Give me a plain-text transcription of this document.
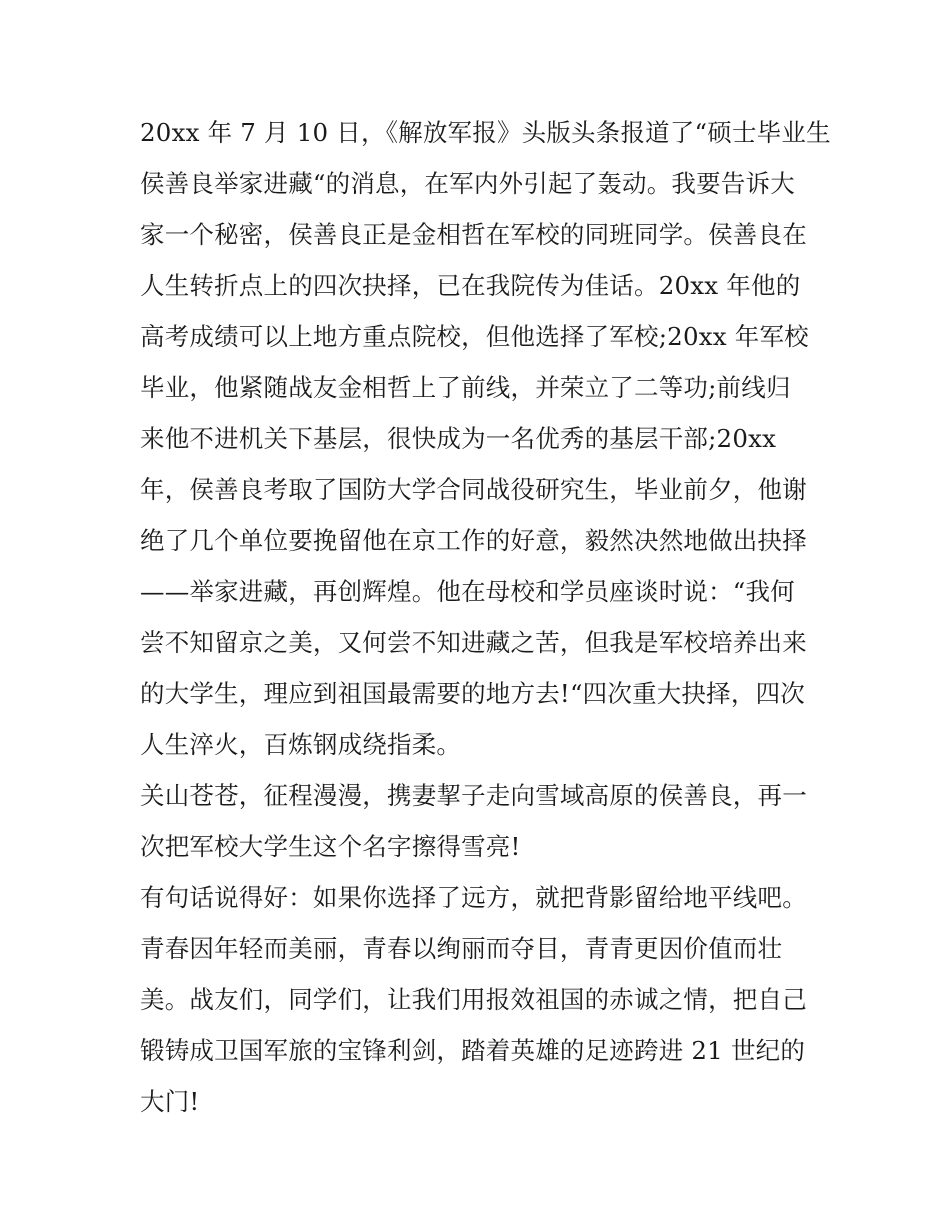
20xx 年 7 月 10 日，《解放军报》头版头条报道了“硕士毕业生
侯善良举家进藏“的消息，在军内外引起了轰动。我要告诉大
家一个秘密，侯善良正是金相哲在军校的同班同学。侯善良在
人生转折点上的四次抉择，已在我院传为佳话。20xx 年他的
高考成绩可以上地方重点院校，但他选择了军校;20xx 年军校
毕业，他紧随战友金相哲上了前线，并荣立了二等功;前线归
来他不进机关下基层，很快成为一名优秀的基层干部;20xx
年，侯善良考取了国防大学合同战役研究生，毕业前夕，他谢
绝了几个单位要挽留他在京工作的好意，毅然决然地做出抉择
——举家进藏，再创辉煌。他在母校和学员座谈时说：“我何
尝不知留京之美，又何尝不知进藏之苦，但我是军校培养出来
的大学生，理应到祖国最需要的地方去!“四次重大抉择，四次
人生淬火，百炼钢成绕指柔。
关山苍苍，征程漫漫，携妻挈子走向雪域高原的侯善良，再一
次把军校大学生这个名字擦得雪亮!
有句话说得好：如果你选择了远方，就把背影留给地平线吧。
青春因年轻而美丽，青春以绚丽而夺目，青青更因价值而壮
美。战友们，同学们，让我们用报效祖国的赤诚之情，把自己
锻铸成卫国军旅的宝锋利剑，踏着英雄的足迹跨进 21 世纪的
大门!
